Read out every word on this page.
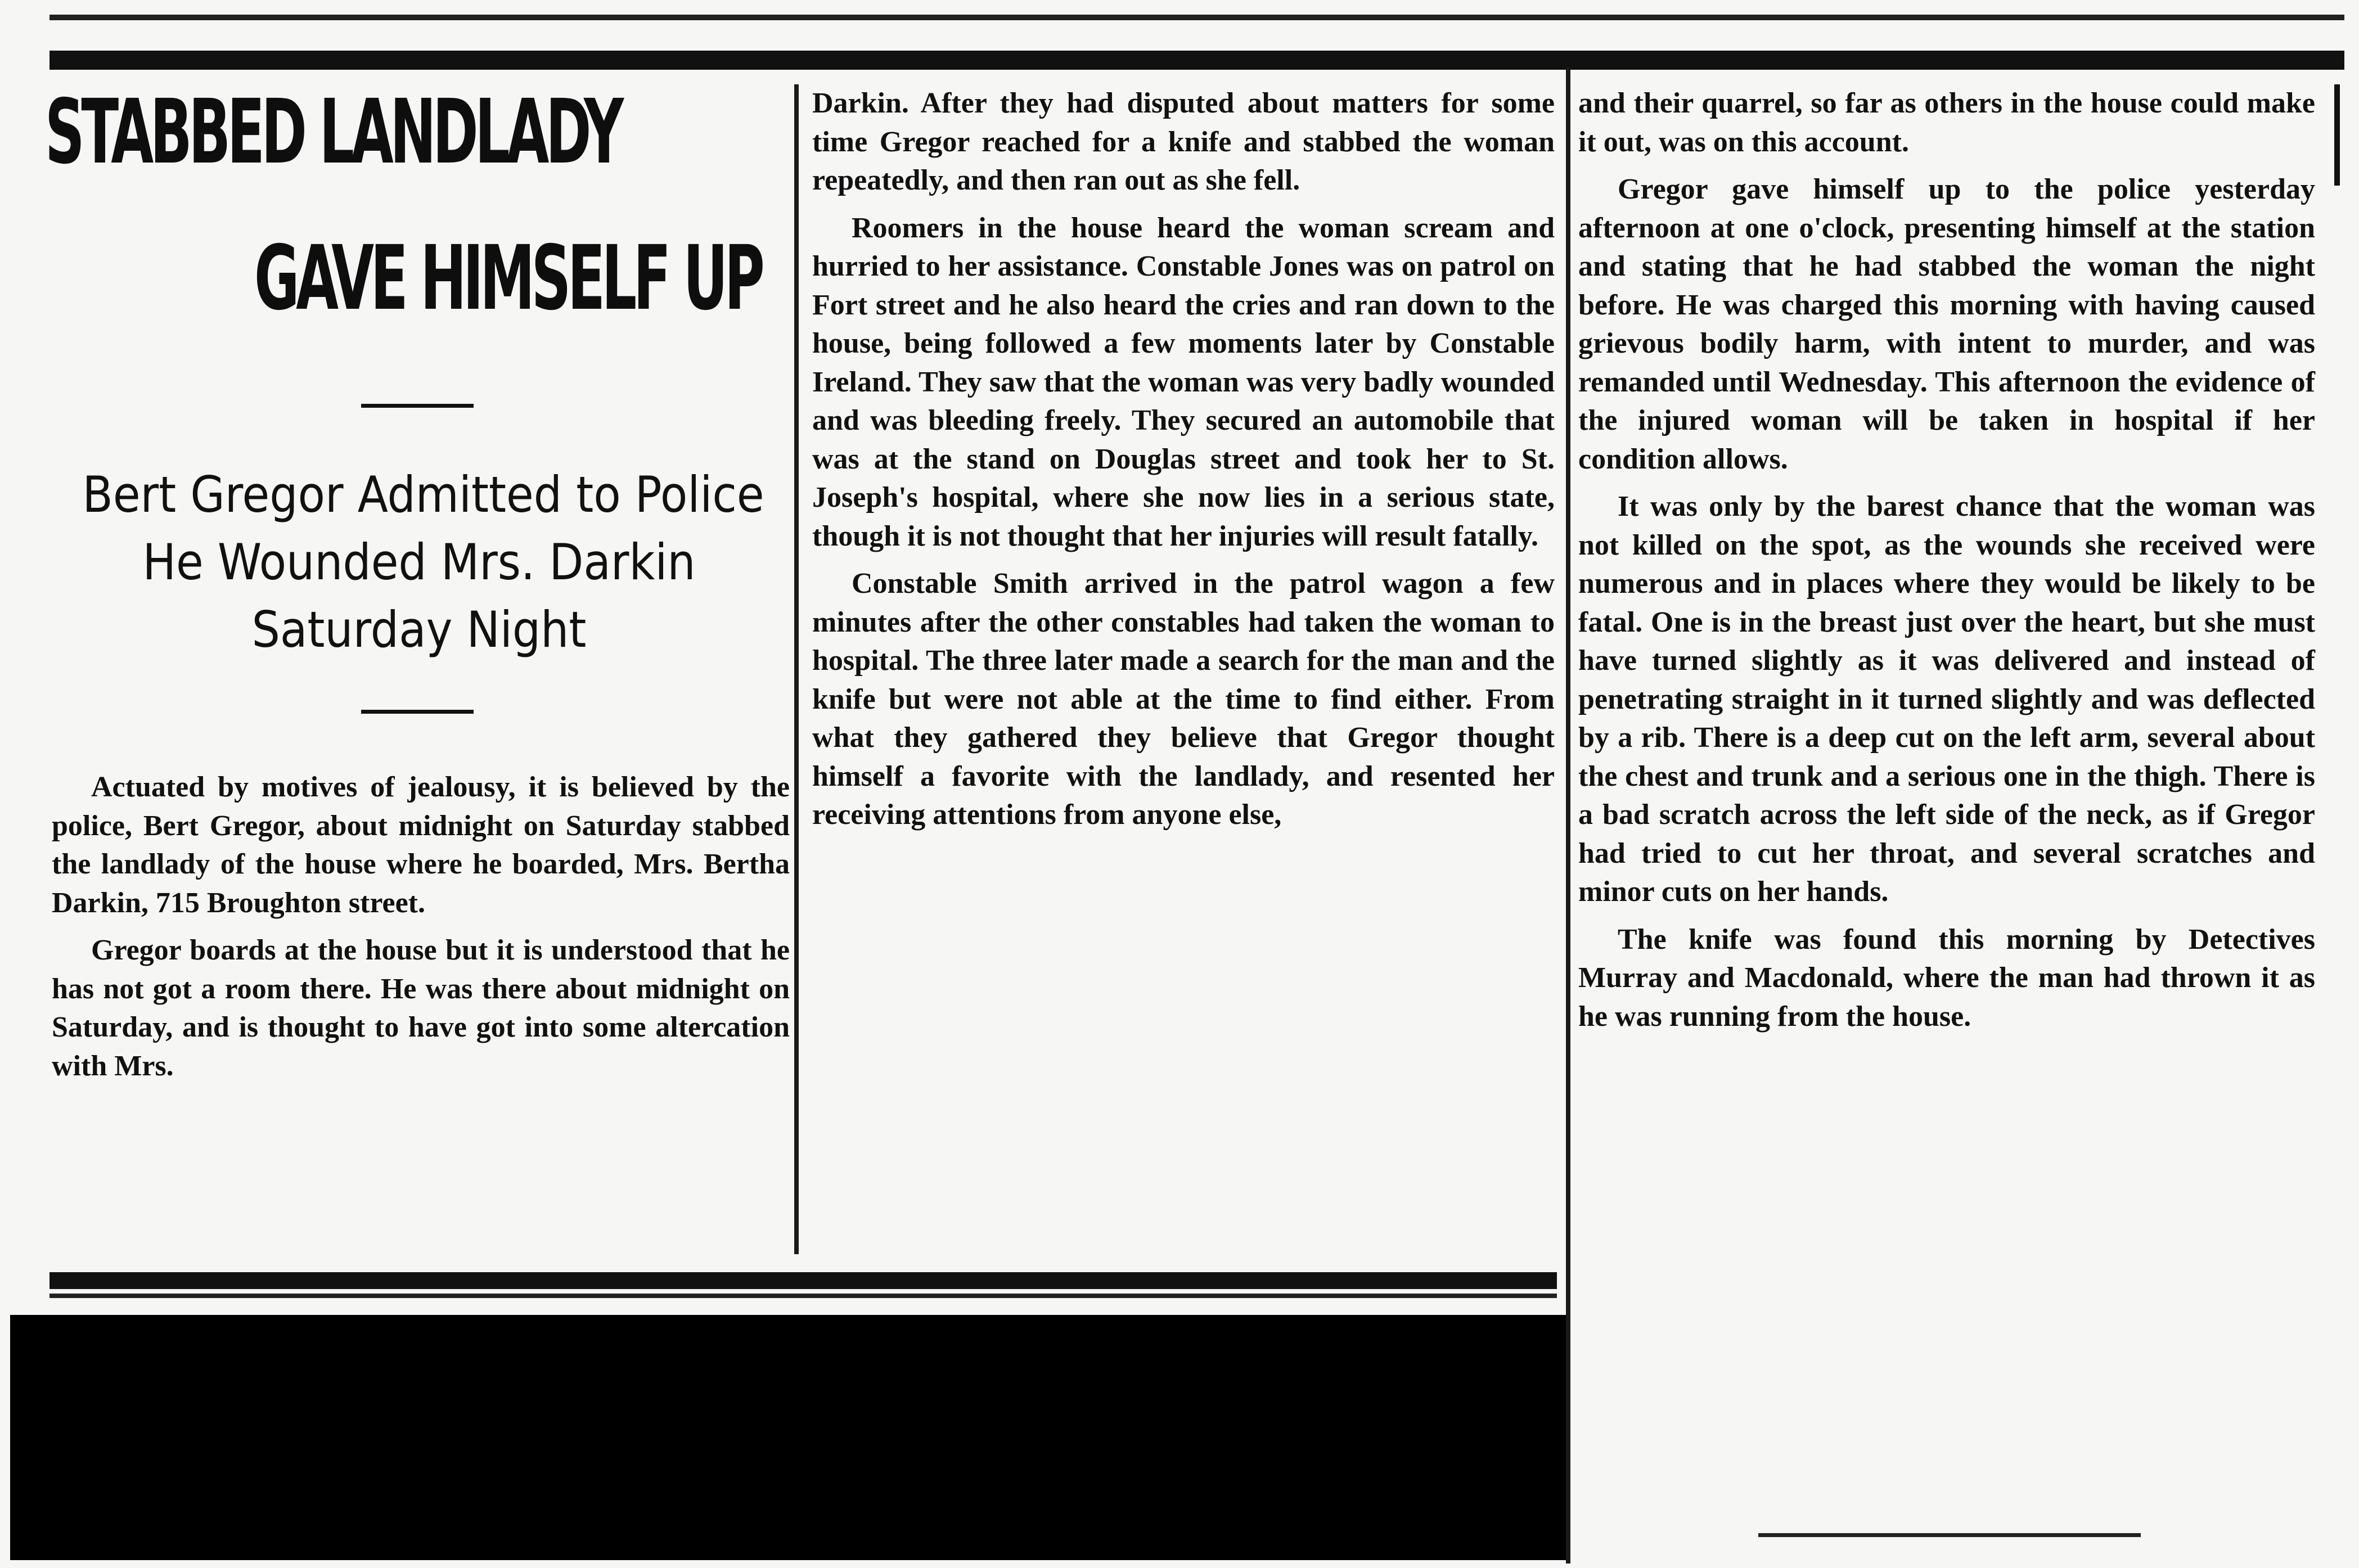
STABBED LANDLADY
GAVE HIMSELF UP
Bert Gregor Admitted to Police
He Wounded Mrs. Darkin
Saturday Night

Actuated by motives of jealousy, it is believed by the police, Bert Gregor, about midnight on Saturday stabbed the landlady of the house where he boarded, Mrs. Bertha Darkin, 715 Broughton street.

Gregor boards at the house but it is understood that he has not got a room there. He was there about midnight on Saturday, and is thought to have got into some altercation with Mrs.

Darkin. After they had disputed about matters for some time Gregor reached for a knife and stabbed the woman repeatedly, and then ran out as she fell.

Roomers in the house heard the woman scream and hurried to her assistance. Constable Jones was on patrol on Fort street and he also heard the cries and ran down to the house, being followed a few moments later by Constable Ireland. They saw that the woman was very badly wounded and was bleeding freely. They secured an automobile that was at the stand on Douglas street and took her to St. Joseph's hospital, where she now lies in a serious state, though it is not thought that her injuries will result fatally.

Constable Smith arrived in the patrol wagon a few minutes after the other constables had taken the woman to hospital. The three later made a search for the man and the knife but were not able at the time to find either. From what they gathered they believe that Gregor thought himself a favorite with the landlady, and resented her receiving attentions from anyone else,

and their quarrel, so far as others in the house could make it out, was on this account.

Gregor gave himself up to the police yesterday afternoon at one o'clock, presenting himself at the station and stating that he had stabbed the woman the night before. He was charged this morning with having caused grievous bodily harm, with intent to murder, and was remanded until Wednesday. This afternoon the evidence of the injured woman will be taken in hospital if her condition allows.

It was only by the barest chance that the woman was not killed on the spot, as the wounds she received were numerous and in places where they would be likely to be fatal. One is in the breast just over the heart, but she must have turned slightly as it was delivered and instead of penetrating straight in it turned slightly and was deflected by a rib. There is a deep cut on the left arm, several about the chest and trunk and a serious one in the thigh. There is a bad scratch across the left side of the neck, as if Gregor had tried to cut her throat, and several scratches and minor cuts on her hands.

The knife was found this morning by Detectives Murray and Macdonald, where the man had thrown it as he was running from the house.
